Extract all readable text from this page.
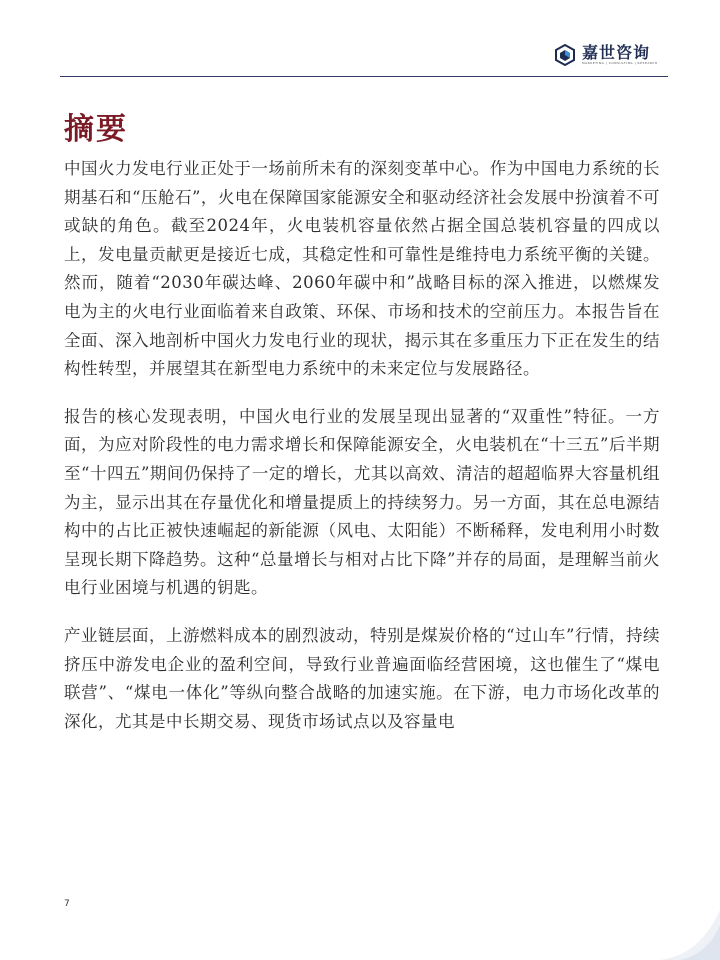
嘉世咨询
MARKETING | CONSULTING | RESEARCH
摘要

中国火力发电行业正处于一场前所未有的深刻变革中心。作为中国电力系统的长期基石和“压舱石”，火电在保障国家能源安全和驱动经济社会发展中扮演着不可或缺的角色。截至2024年，火电装机容量依然占据全国总装机容量的四成以上，发电量贡献更是接近七成，其稳定性和可靠性是维持电力系统平衡的关键。然而，随着“2030年碳达峰、2060年碳中和”战略目标的深入推进，以燃煤发电为主的火电行业面临着来自政策、环保、市场和技术的空前压力。本报告旨在全面、深入地剖析中国火力发电行业的现状，揭示其在多重压力下正在发生的结构性转型，并展望其在新型电力系统中的未来定位与发展路径。

报告的核心发现表明，中国火电行业的发展呈现出显著的“双重性”特征。一方面，为应对阶段性的电力需求增长和保障能源安全，火电装机在“十三五”后半期至“十四五”期间仍保持了一定的增长，尤其以高效、清洁的超超临界大容量机组为主，显示出其在存量优化和增量提质上的持续努力。另一方面，其在总电源结构中的占比正被快速崛起的新能源（风电、太阳能）不断稀释，发电利用小时数呈现长期下降趋势。这种“总量增长与相对占比下降”并存的局面，是理解当前火电行业困境与机遇的钥匙。

产业链层面，上游燃料成本的剧烈波动，特别是煤炭价格的“过山车”行情，持续挤压中游发电企业的盈利空间，导致行业普遍面临经营困境，这也催生了“煤电联营”、“煤电一体化”等纵向整合战略的加速实施。在下游，电力市场化改革的深化，尤其是中长期交易、现货市场试点以及容量电

7
